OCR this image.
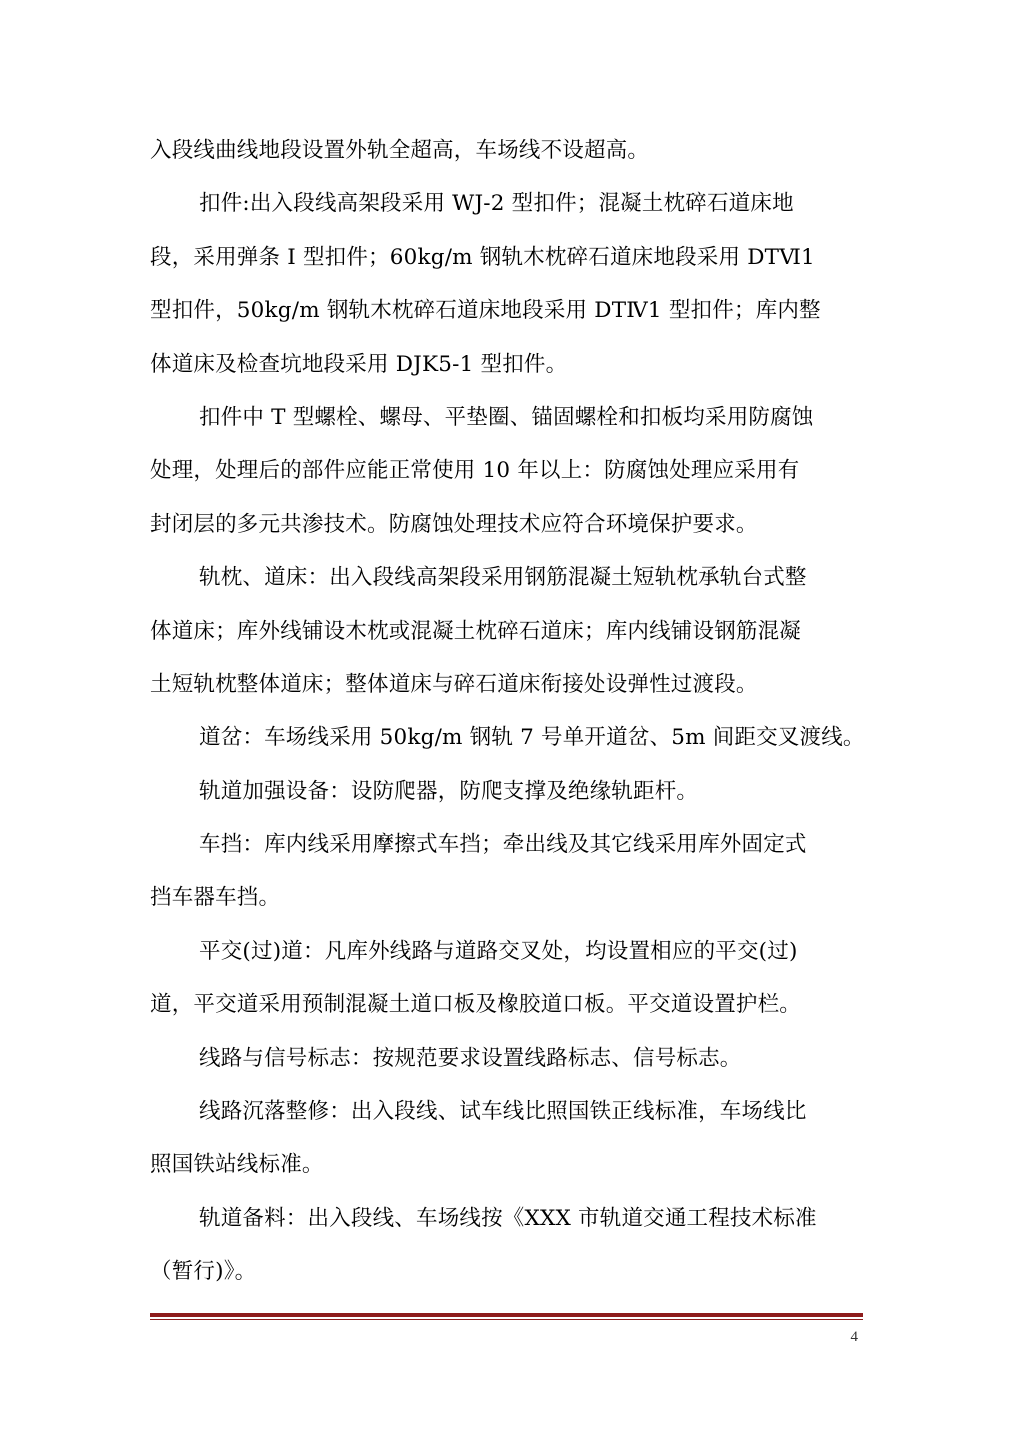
入段线曲线地段设置外轨全超高，车场线不设超高。
扣件:出入段线高架段采用 WJ-2 型扣件；混凝土枕碎石道床地
段，采用弹条 I 型扣件；60kg/m 钢轨木枕碎石道床地段采用 DTⅥ1
型扣件，50kg/m 钢轨木枕碎石道床地段采用 DTⅣ1 型扣件；库内整
体道床及检查坑地段采用 DJK5-1 型扣件。
扣件中 T 型螺栓、螺母、平垫圈、锚固螺栓和扣板均采用防腐蚀
处理，处理后的部件应能正常使用 10 年以上：防腐蚀处理应采用有
封闭层的多元共渗技术。防腐蚀处理技术应符合环境保护要求。
轨枕、道床：出入段线高架段采用钢筋混凝土短轨枕承轨台式整
体道床；库外线铺设木枕或混凝土枕碎石道床；库内线铺设钢筋混凝
土短轨枕整体道床；整体道床与碎石道床衔接处设弹性过渡段。
道岔：车场线采用 50kg/m 钢轨 7 号单开道岔、5m 间距交叉渡线。
轨道加强设备：设防爬器，防爬支撑及绝缘轨距杆。
车挡：库内线采用摩擦式车挡；牵出线及其它线采用库外固定式
挡车器车挡。
平交(过)道：凡库外线路与道路交叉处，均设置相应的平交(过)
道，平交道采用预制混凝土道口板及橡胶道口板。平交道设置护栏。
线路与信号标志：按规范要求设置线路标志、信号标志。
线路沉落整修：出入段线、试车线比照国铁正线标准，车场线比
照国铁站线标准。
轨道备料：出入段线、车场线按《XXX 市轨道交通工程技术标准
（暂行)》。
4
